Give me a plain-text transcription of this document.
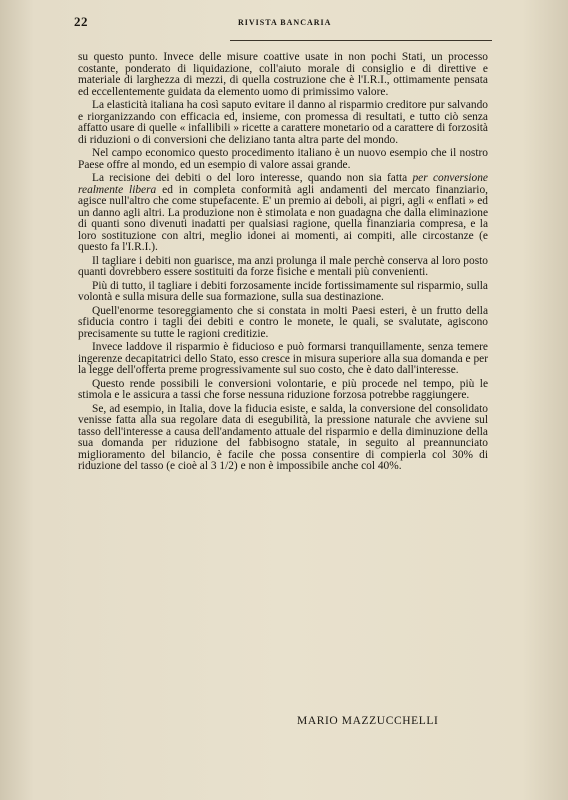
22	RIVISTA BANCARIA

su questo punto. Invece delle misure coattive usate in non pochi Stati, un processo costante, ponderato di liquidazione, coll'aiuto morale di consiglio e di direttive e materiale di larghezza di mezzi, di quella costruzione che è l'I.R.I., ottimamente pensata ed eccellentemente guidata da elemento uomo di primissimo valore.

La elasticità italiana ha così saputo evitare il danno al risparmio creditore pur salvando e riorganizzando con efficacia ed, insieme, con promessa di resultati, e tutto ciò senza affatto usare di quelle « infallibili » ricette a carattere monetario od a carattere di forzosità di riduzioni o di conversioni che deliziano tanta altra parte del mondo.

Nel campo economico questo procedimento italiano è un nuovo esempio che il nostro Paese offre al mondo, ed un esempio di valore assai grande.

La recisione dei debiti o del loro interesse, quando non sia fatta per conversione realmente libera ed in completa conformità agli andamenti del mercato finanziario, agisce null'altro che come stupefacente. E' un premio ai deboli, ai pigri, agli « enflati » ed un danno agli altri. La produzione non è stimolata e non guadagna che dalla eliminazione di quanti sono divenuti inadatti per qualsiasi ragione, quella finanziaria compresa, e la loro sostituzione con altri, meglio idonei ai momenti, ai compiti, alle circostanze (e questo fa l'I.R.I.).

Il tagliare i debiti non guarisce, ma anzi prolunga il male perchè conserva al loro posto quanti dovrebbero essere sostituiti da forze fisiche e mentali più convenienti.

Più di tutto, il tagliare i debiti forzosamente incide fortissimamente sul risparmio, sulla volontà e sulla misura delle sua formazione, sulla sua destinazione.

Quell'enorme tesoreggiamento che si constata in molti Paesi esteri, è un frutto della sfiducia contro i tagli dei debiti e contro le monete, le quali, se svalutate, agiscono precisamente su tutte le ragioni creditizie.

Invece laddove il risparmio è fiducioso e può formarsi tranquillamente, senza temere ingerenze decapitatrici dello Stato, esso cresce in misura superiore alla sua domanda e per la legge dell'offerta preme progressivamente sul suo costo, che è dato dall'interesse.

Questo rende possibili le conversioni volontarie, e più procede nel tempo, più le stimola e le assicura a tassi che forse nessuna riduzione forzosa potrebbe raggiungere.

Se, ad esempio, in Italia, dove la fiducia esiste, e salda, la conversione del consolidato venisse fatta alla sua regolare data di esegubilità, la pressione naturale che avviene sul tasso dell'interesse a causa dell'andamento attuale del risparmio e della diminuzione della sua domanda per riduzione del fabbisogno statale, in seguito al preannunciato miglioramento del bilancio, è facile che possa consentire di compierla col 30% di riduzione del tasso (e cioè al 3 1/2) e non è impossibile anche col 40%.

MARIO MAZZUCCHELLI
